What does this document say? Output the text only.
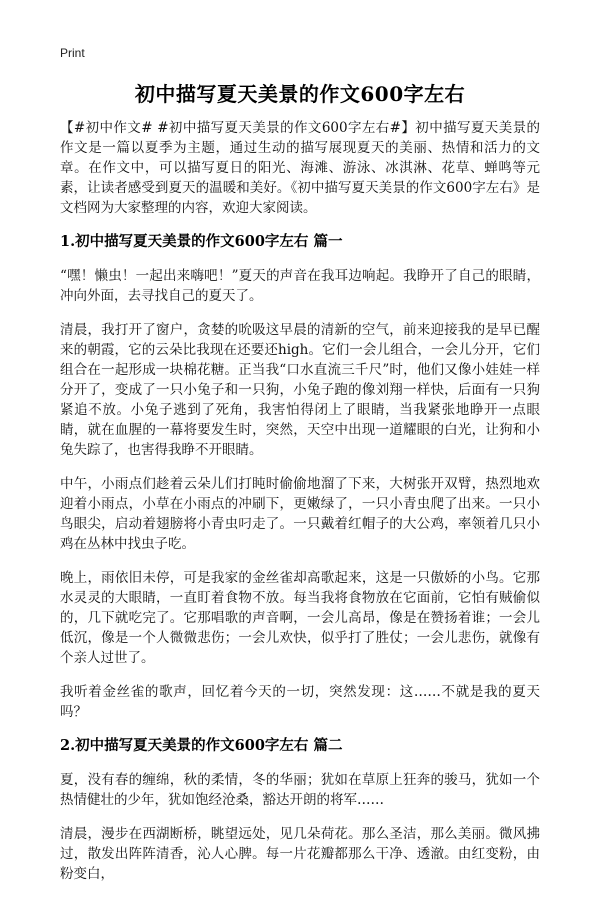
Print
初中描写夏天美景的作文600字左右

【#初中作文# #初中描写夏天美景的作文600字左右#】初中描写夏天美景的作文是一篇以夏季为主题，通过生动的描写展现夏天的美丽、热情和活力的文章。在作文中，可以描写夏日的阳光、海滩、游泳、冰淇淋、花草、蝉鸣等元素，让读者感受到夏天的温暖和美好。《初中描写夏天美景的作文600字左右》是文档网为大家整理的内容，欢迎大家阅读。

1.初中描写夏天美景的作文600字左右 篇一

“嘿！懒虫！一起出来嗨吧！”夏天的声音在我耳边响起。我睁开了自己的眼睛，冲向外面，去寻找自己的夏天了。

清晨，我打开了窗户，贪婪的吮吸这早晨的清新的空气，前来迎接我的是早已醒来的朝霞，它的云朵比我现在还要还high。它们一会儿组合，一会儿分开，它们组合在一起形成一块棉花糖。正当我“口水直流三千尺”时，他们又像小娃娃一样分开了，变成了一只小兔子和一只狗，小兔子跑的像刘翔一样快，后面有一只狗紧追不放。小兔子逃到了死角，我害怕得闭上了眼睛，当我紧张地睁开一点眼睛，就在血腥的一幕将要发生时，突然，天空中出现一道耀眼的白光，让狗和小兔失踪了，也害得我睁不开眼睛。

中午，小雨点们趁着云朵儿们打盹时偷偷地溜了下来，大树张开双臂，热烈地欢迎着小雨点，小草在小雨点的冲刷下，更嫩绿了，一只小青虫爬了出来。一只小鸟眼尖，启动着翅膀将小青虫叼走了。一只戴着红帽子的大公鸡，率领着几只小鸡在丛林中找虫子吃。

晚上，雨依旧未停，可是我家的金丝雀却高歌起来，这是一只傲娇的小鸟。它那水灵灵的大眼睛，一直盯着食物不放。每当我将食物放在它面前，它怕有贼偷似的，几下就吃完了。它那唱歌的声音啊，一会儿高昂，像是在赞扬着谁；一会儿低沉，像是一个人微微悲伤；一会儿欢快，似乎打了胜仗；一会儿悲伤，就像有个亲人过世了。

我听着金丝雀的歌声，回忆着今天的一切，突然发现：这……不就是我的夏天吗？

2.初中描写夏天美景的作文600字左右 篇二

夏，没有春的缠绵，秋的柔情，冬的华丽；犹如在草原上狂奔的骏马，犹如一个热情健壮的少年，犹如饱经沧桑，豁达开朗的将军……

清晨，漫步在西湖断桥，眺望远处，见几朵荷花。那么圣洁，那么美丽。微风拂过，散发出阵阵清香，沁人心脾。每一片花瓣都那么干净、透澈。由红变粉，由粉变白，
